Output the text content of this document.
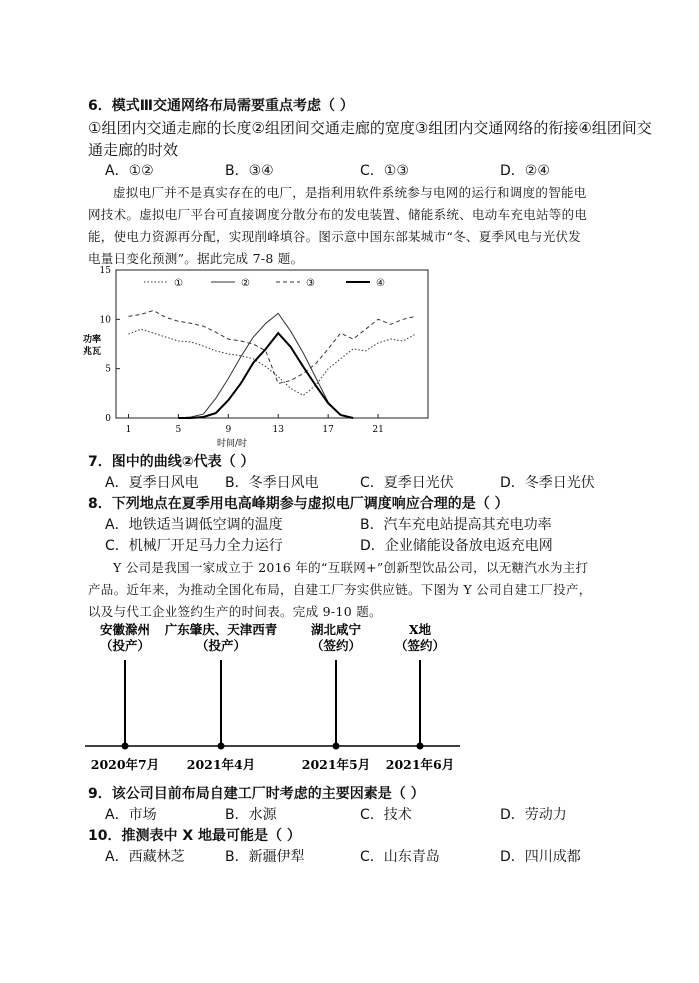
6．模式Ⅲ交通网络布局需要重点考虑（ ）
①组团内交通走廊的长度②组团间交通走廊的宽度③组团内交通网络的衔接④组团间交
通走廊的时效
A．①②	B．③④	C．①③	D．②④
虚拟电厂并不是真实存在的电厂，是指利用软件系统参与电网的运行和调度的智能电
网技术。虚拟电厂平台可直接调度分散分布的发电装置、储能系统、电动车充电站等的电
能，使电力资源再分配，实现削峰填谷。图示意中国东部某城市“冬、夏季风电与光伏发
电量日变化预测”。据此完成 7-8 题。
1	5	9	13	17	21
0
5
10
15
时间/时
功率兆瓦
①	②	③	④
7．图中的曲线②代表（ ）
A．夏季日风电 B．冬季日风电	C．夏季日光伏	D．冬季日光伏
8．下列地点在夏季用电高峰期参与虚拟电厂调度响应合理的是（ ）
A．地铁适当调低空调的温度	B．汽车充电站提高其充电功率
C．机械厂开足马力全力运行	D．企业储能设备放电返充电网
Y 公司是我国一家成立于 2016 年的“互联网+”创新型饮品公司，以无糖汽水为主打
产品。近年来，为推动全国化布局，自建工厂夯实供应链。下图为 Y 公司自建工厂投产，
以及与代工企业签约生产的时间表。完成 9-10 题。
安徽滁州
（投产）
2020年7月
广东肇庆、天津西青
（投产）
2021年4月
湖北咸宁
（签约）
2021年5月
X地
（签约）
2021年6月
9．该公司目前布局自建工厂时考虑的主要因素是（ ）
A．市场	B．水源	C．技术	D．劳动力
10．推测表中 X 地最可能是（ ）
A．西藏林芝	B．新疆伊犁	C．山东青岛	D．四川成都
